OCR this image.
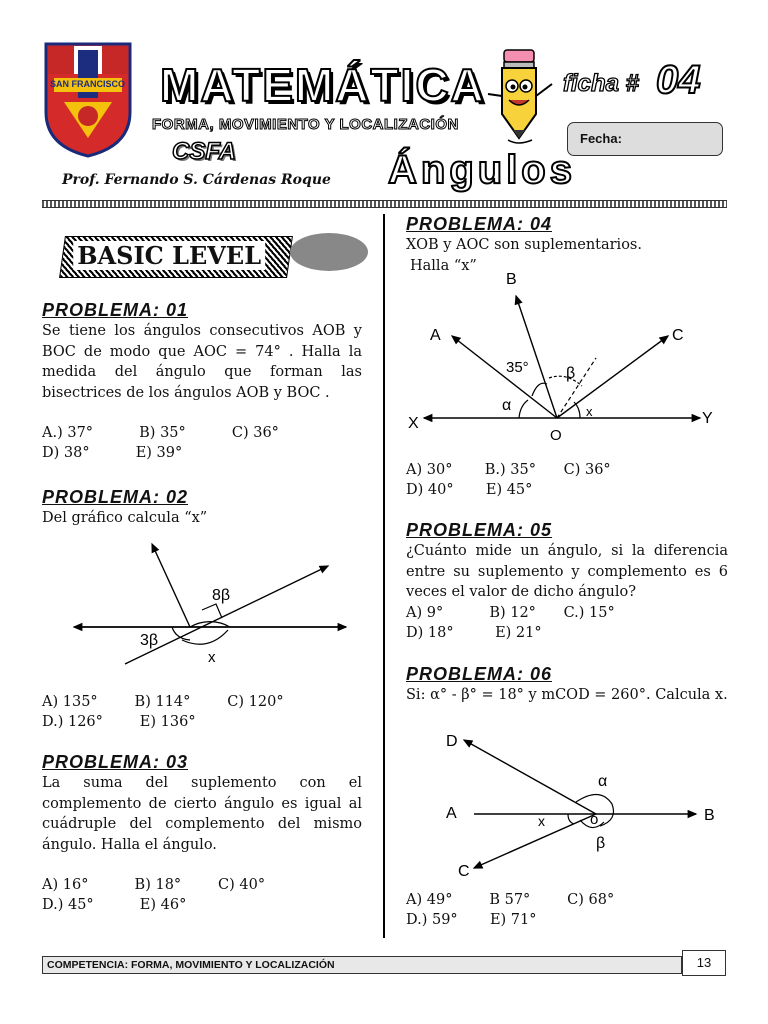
SAN FRANCISCO MATEMÁTICA
FORMA, MOVIMIENTO Y LOCALIZACIÓN
CSFA
Prof. Fernando S. Cárdenas Roque
ficha # 04
Fecha:
Ángulos
BASIC LEVEL
PROBLEMA: 01
Se tiene los ángulos consecutivos AOB y BOC de modo que AOC = 74° . Halla la medida del ángulo que forman las bisectrices de los ángulos AOB y BOC .
A.) 37°	B) 35°	C) 36°
D) 38°	E) 39°
PROBLEMA: 02
Del gráfico calcula “x”
8β
3β
x
A) 135°	B) 114°	C) 120°
D.) 126°	E) 136°
PROBLEMA: 03
La suma del suplemento con el complemento de cierto ángulo es igual al cuádruple del complemento del mismo ángulo. Halla el ángulo.
A) 16°	B) 18°	C) 40°
D.) 45°	E) 46°
PROBLEMA: 04
XOB y AOC son suplementarios.
Halla “x”
B
A	C
35° β
α	x
X	Y
O
A) 30° B.) 35° C) 36°
D) 40° E) 45°
PROBLEMA: 05
¿Cuánto mide un ángulo, si la diferencia entre su suplemento y complemento es 6 veces el valor de dicho ángulo?
A) 9°	B) 12° C.) 15°
D) 18°	E) 21°
PROBLEMA: 06
Si: α° - β° = 18° y mCOD = 260°. Calcula x.
D
α
A	B
x	o
β
C
A) 49°	B 57°	C) 68°
D.) 59° E) 71°
COMPETENCIA: FORMA, MOVIMIENTO Y LOCALIZACIÓN	13
